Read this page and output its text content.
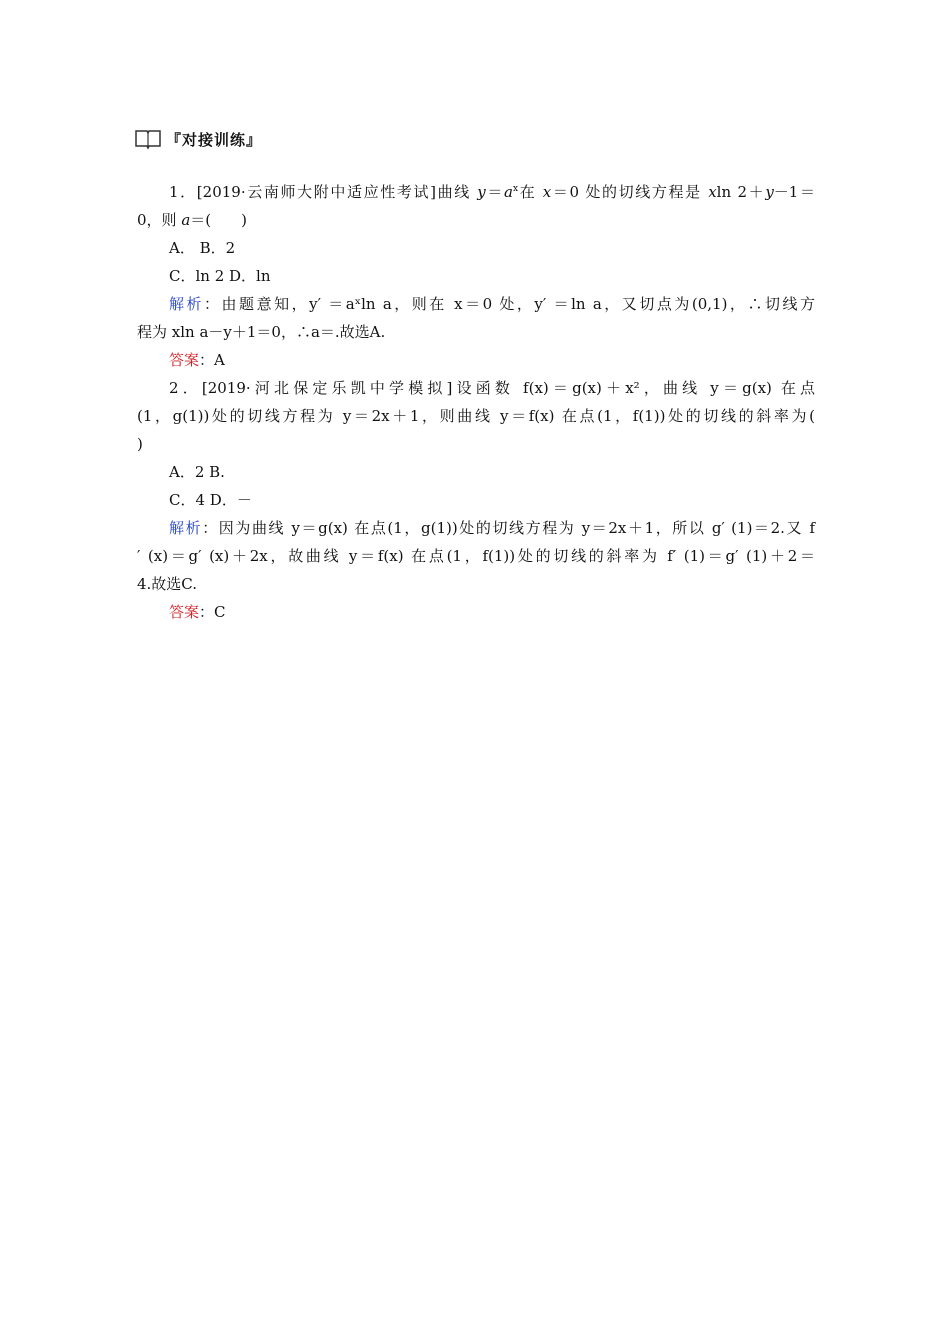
『对接训练』
1．[2019·云南师大附中适应性考试]曲线 $y=a^x$在 x＝0 处的切线方程是 xln 2＋y－1＝
0，则 a＝(　　)
A． B．2
C．ln 2 D．ln
解析：由题意知，y′ ＝aˣln a，则在 x＝0 处，y′ ＝ln a，又切点为(0,1)，∴切线方
程为 xln a－y＋1＝0，∴a＝.故选A.
答案：A
2．[2019·河北保定乐凯中学模拟]设函数 f(x)＝g(x)＋x²，曲线 y＝g(x) 在点
(1，g(1))处的切线方程为 y＝2x＋1，则曲线 y＝f(x) 在点(1，f(1))处的切线的斜率为(
)
A．2 B.
C．4 D．－
解析：因为曲线 y＝g(x) 在点(1，g(1))处的切线方程为 y＝2x＋1，所以 g′ (1)＝2.又 f
′ (x)＝g′ (x)＋2x，故曲线 y＝f(x) 在点(1，f(1))处的切线的斜率为 f′ (1)＝g′ (1)＋2＝
4.故选C.
答案：C
